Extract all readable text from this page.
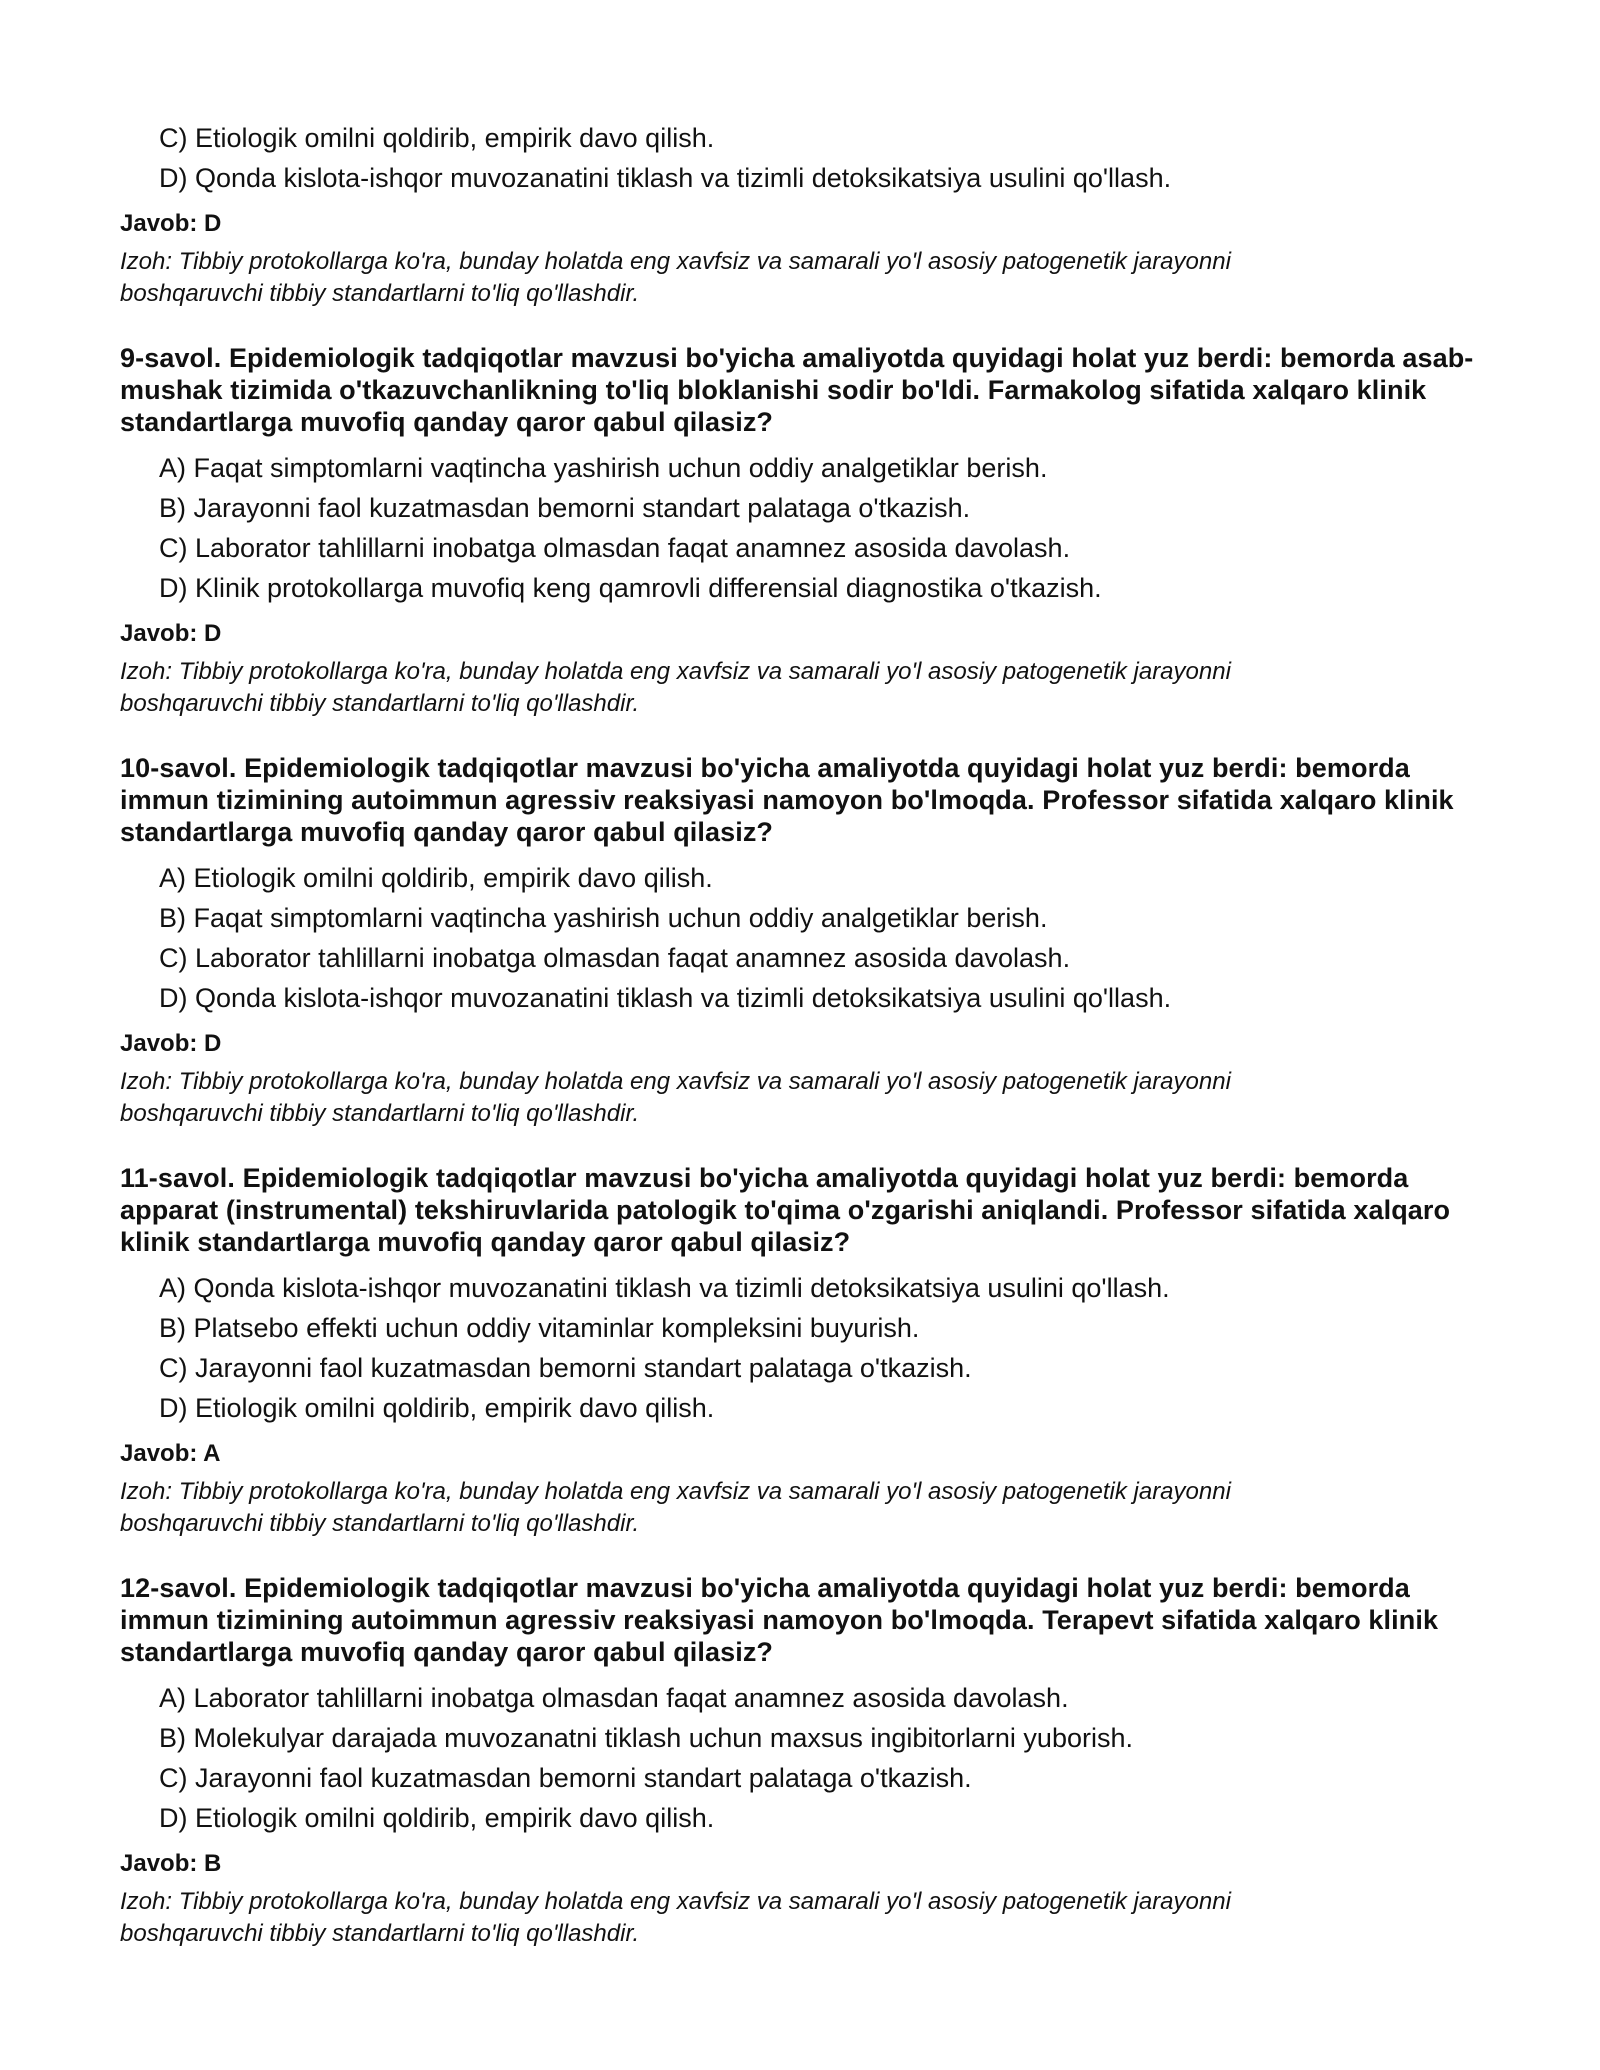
C) Etiologik omilni qoldirib, empirik davo qilish.
D) Qonda kislota-ishqor muvozanatini tiklash va tizimli detoksikatsiya usulini qo'llash.

Javob: D

Izoh: Tibbiy protokollarga ko'ra, bunday holatda eng xavfsiz va samarali yo'l asosiy patogenetik jarayonni boshqaruvchi tibbiy standartlarni to'liq qo'llashdir.

9-savol. Epidemiologik tadqiqotlar mavzusi bo'yicha amaliyotda quyidagi holat yuz berdi: bemorda asab-mushak tizimida o'tkazuvchanlikning to'liq bloklanishi sodir bo'ldi. Farmakolog sifatida xalqaro klinik standartlarga muvofiq qanday qaror qabul qilasiz?

A) Faqat simptomlarni vaqtincha yashirish uchun oddiy analgetiklar berish.
B) Jarayonni faol kuzatmasdan bemorni standart palataga o'tkazish.
C) Laborator tahlillarni inobatga olmasdan faqat anamnez asosida davolash.
D) Klinik protokollarga muvofiq keng qamrovli differensial diagnostika o'tkazish.

Javob: D

Izoh: Tibbiy protokollarga ko'ra, bunday holatda eng xavfsiz va samarali yo'l asosiy patogenetik jarayonni boshqaruvchi tibbiy standartlarni to'liq qo'llashdir.

10-savol. Epidemiologik tadqiqotlar mavzusi bo'yicha amaliyotda quyidagi holat yuz berdi: bemorda immun tizimining autoimmun agressiv reaksiyasi namoyon bo'lmoqda. Professor sifatida xalqaro klinik standartlarga muvofiq qanday qaror qabul qilasiz?

A) Etiologik omilni qoldirib, empirik davo qilish.
B) Faqat simptomlarni vaqtincha yashirish uchun oddiy analgetiklar berish.
C) Laborator tahlillarni inobatga olmasdan faqat anamnez asosida davolash.
D) Qonda kislota-ishqor muvozanatini tiklash va tizimli detoksikatsiya usulini qo'llash.

Javob: D

Izoh: Tibbiy protokollarga ko'ra, bunday holatda eng xavfsiz va samarali yo'l asosiy patogenetik jarayonni boshqaruvchi tibbiy standartlarni to'liq qo'llashdir.

11-savol. Epidemiologik tadqiqotlar mavzusi bo'yicha amaliyotda quyidagi holat yuz berdi: bemorda apparat (instrumental) tekshiruvlarida patologik to'qima o'zgarishi aniqlandi. Professor sifatida xalqaro klinik standartlarga muvofiq qanday qaror qabul qilasiz?

A) Qonda kislota-ishqor muvozanatini tiklash va tizimli detoksikatsiya usulini qo'llash.
B) Platsebo effekti uchun oddiy vitaminlar kompleksini buyurish.
C) Jarayonni faol kuzatmasdan bemorni standart palataga o'tkazish.
D) Etiologik omilni qoldirib, empirik davo qilish.

Javob: A

Izoh: Tibbiy protokollarga ko'ra, bunday holatda eng xavfsiz va samarali yo'l asosiy patogenetik jarayonni boshqaruvchi tibbiy standartlarni to'liq qo'llashdir.

12-savol. Epidemiologik tadqiqotlar mavzusi bo'yicha amaliyotda quyidagi holat yuz berdi: bemorda immun tizimining autoimmun agressiv reaksiyasi namoyon bo'lmoqda. Terapevt sifatida xalqaro klinik standartlarga muvofiq qanday qaror qabul qilasiz?

A) Laborator tahlillarni inobatga olmasdan faqat anamnez asosida davolash.
B) Molekulyar darajada muvozanatni tiklash uchun maxsus ingibitorlarni yuborish.
C) Jarayonni faol kuzatmasdan bemorni standart palataga o'tkazish.
D) Etiologik omilni qoldirib, empirik davo qilish.

Javob: B

Izoh: Tibbiy protokollarga ko'ra, bunday holatda eng xavfsiz va samarali yo'l asosiy patogenetik jarayonni boshqaruvchi tibbiy standartlarni to'liq qo'llashdir.
